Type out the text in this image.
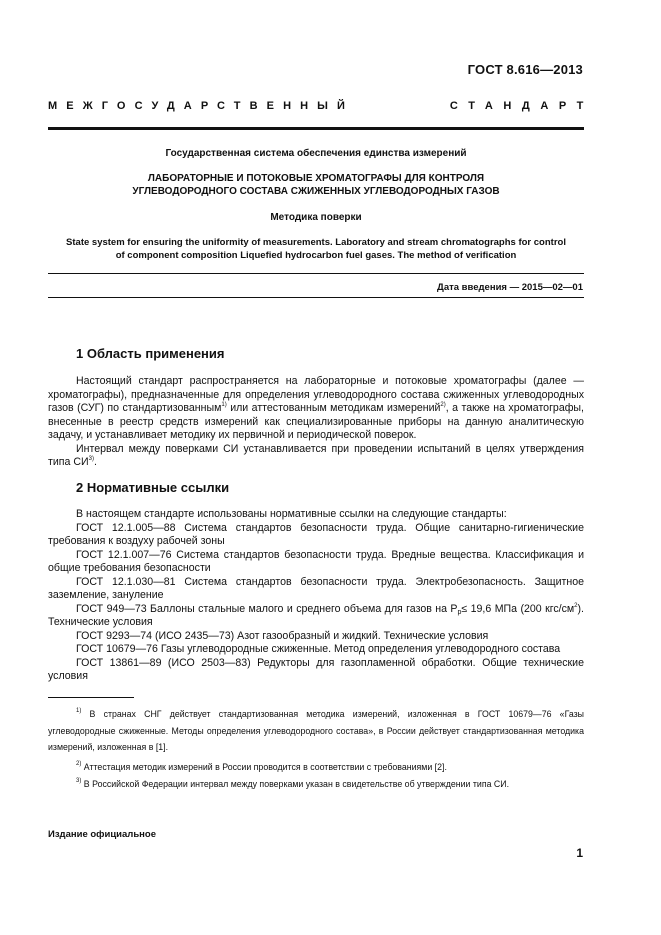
ГОСТ 8.616—2013
МЕЖГОСУДАРСТВЕННЫЙ	СТАНДАРТ
Государственная система обеспечения единства измерений
ЛАБОРАТОРНЫЕ И ПОТОКОВЫЕ ХРОМАТОГРАФЫ ДЛЯ КОНТРОЛЯ
УГЛЕВОДОРОДНОГО СОСТАВА СЖИЖЕННЫХ УГЛЕВОДОРОДНЫХ ГАЗОВ
Методика поверки
State system for ensuring the uniformity of measurements. Laboratory and stream chromatographs for control
of component composition Liquefied hydrocarbon fuel gases. The method of verification
Дата введения — 2015—02—01
1 Область применения

Настоящий стандарт распространяется на лабораторные и потоковые хроматографы (далее — хроматографы), предназначенные для определения углеводородного состава сжиженных углеводородных газов (СУГ) по стандартизованным$^{1)}$ или аттестованным методикам измерений$^{2)}$, а также на хроматографы, внесенные в реестр средств измерений как специализированные приборы на данную аналитическую задачу, и устанавливает методику их первичной и периодической поверок.

Интервал между поверками СИ устанавливается при проведении испытаний в целях утверждения типа СИ$^{3)}$.

2 Нормативные ссылки

В настоящем стандарте использованы нормативные ссылки на следующие стандарты:

ГОСТ 12.1.005—88 Система стандартов безопасности труда. Общие санитарно-гигиенические требования к воздуху рабочей зоны

ГОСТ 12.1.007—76 Система стандартов безопасности труда. Вредные вещества. Классификация и общие требования безопасности

ГОСТ 12.1.030—81 Система стандартов безопасности труда. Электробезопасность. Защитное заземление, зануление

ГОСТ 949—73 Баллоны стальные малого и среднего объема для газов на $Р_р\le 19,6$ МПа (200 кгс/$см^2$). Технические условия

ГОСТ 9293—74 (ИСО 2435—73) Азот газообразный и жидкий. Технические условия

ГОСТ 10679—76 Газы углеводородные сжиженные. Метод определения углеводородного состава

ГОСТ 13861—89 (ИСО 2503—83) Редукторы для газопламенной обработки. Общие технические условия

$^{1)}$ В странах СНГ действует стандартизованная методика измерений, изложенная в ГОСТ 10679—76 «Газы углеводородные сжиженные. Методы определения углеводородного состава», в России действует стандартизованная методика измерений, изложенная в [1].

$^{2)}$ Аттестация методик измерений в России проводится в соответствии с требованиями [2].

$^{3)}$ В Российской Федерации интервал между поверками указан в свидетельстве об утверждении типа СИ.

Издание официальное
1
